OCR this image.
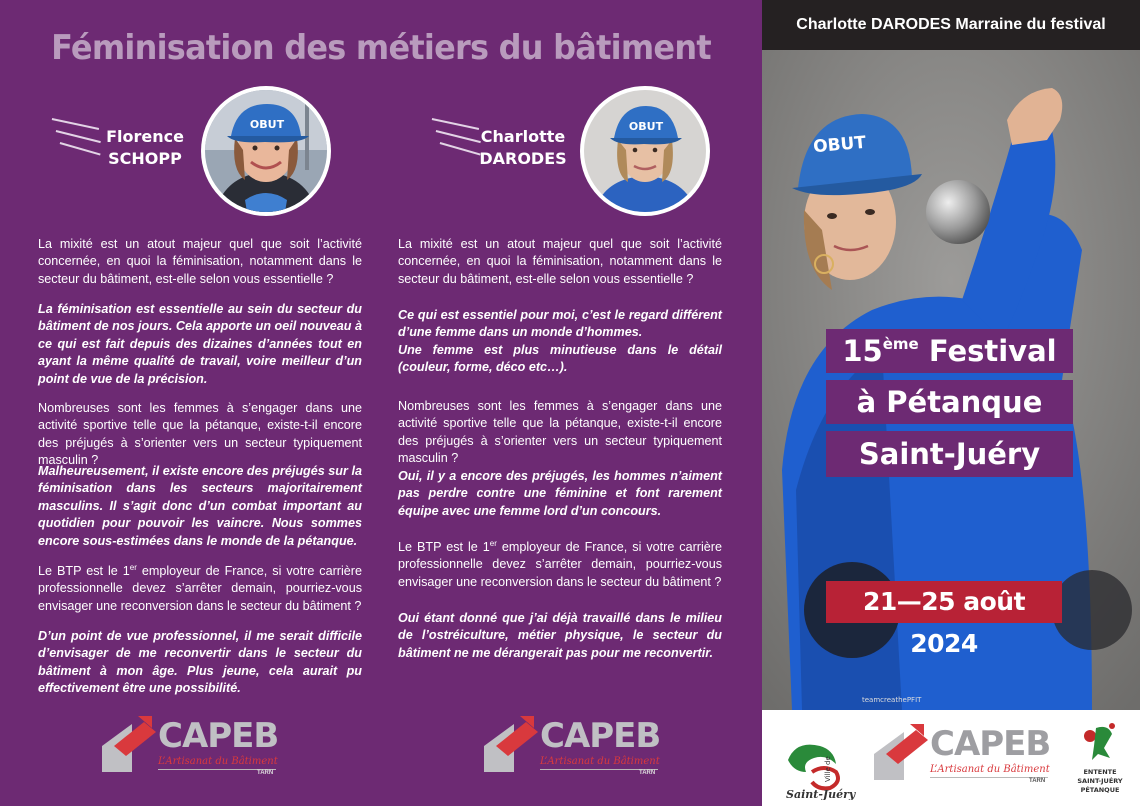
Féminisation des métiers du bâtiment
Florence
SCHOPP
OBUT

La mixité est un atout majeur quel que soit l’activité concernée, en quoi la féminisation, notamment dans le secteur du bâtiment, est-elle selon vous essentielle ?

La féminisation est essentielle au sein du secteur du bâtiment de nos jours. Cela apporte un oeil nouveau à ce qui est fait depuis des dizaines d’années tout en ayant la même qualité de travail, voire meilleur d’un point de vue de la précision.

Nombreuses sont les femmes à s’engager dans une activité sportive telle que la pétanque, existe-t-il encore des préjugés à s’orienter vers un secteur typiquement masculin ?

Malheureusement, il existe encore des préjugés sur la féminisation dans les secteurs majoritairement masculins. Il s’agit donc d’un combat important au quotidien pour pouvoir les vaincre. Nous sommes encore sous-estimées dans le monde de la pétanque.

Le BTP est le 1er employeur de France, si votre carrière professionnelle devez s’arrêter demain, pourriez-vous envisager une reconversion dans le secteur du bâtiment ?

D’un point de vue professionnel, il me serait difficile d’envisager de me reconvertir dans le secteur du bâtiment à mon âge. Plus jeune, cela aurait pu effectivement être une possibilité.

CAPEB
L’Artisanat du Bâtiment
TARN
Charlotte
DARODES
OBUT

La mixité est un atout majeur quel que soit l’activité concernée, en quoi la féminisation, notamment dans le secteur du bâtiment, est-elle selon vous essentielle ?

Ce qui est essentiel pour moi, c’est le regard différent d’une femme dans un monde d’hommes.
Une femme est plus minutieuse dans le détail (couleur, forme, déco etc…).

Nombreuses sont les femmes à s’engager dans une activité sportive telle que la pétanque, existe-t-il encore des préjugés à s’orienter vers un secteur typiquement masculin ?

Oui, il y a encore des préjugés, les hommes n’aiment pas perdre contre une féminine et font rarement équipe avec une femme lord d’un concours.

Le BTP est le 1er employeur de France, si votre carrière professionnelle devez s’arrêter demain, pourriez-vous envisager une reconversion dans le secteur du bâtiment ?

Oui étant donné que j’ai déjà travaillé dans le milieu de l’ostréiculture, métier physique, le secteur du bâtiment ne me dérangerait pas pour me reconvertir.

CAPEB
L’Artisanat du Bâtiment
TARN
Charlotte DARODES Marraine du festival
OBUT
teamcreathePFIT
15ème Festival
à Pétanque
Saint-Juéry
Ville de
Saint-Juéry
CAPEB
L’Artisanat du Bâtiment
TARN
ENTENTE
SAINT-JUÉRY
PÉTANQUE
21—25 août 2024
